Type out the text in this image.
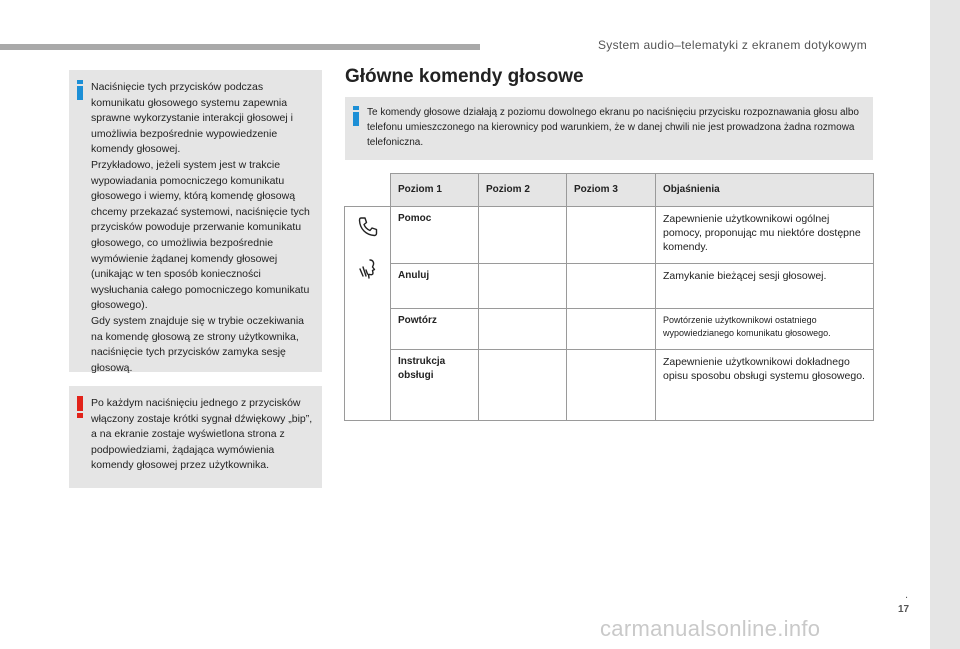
System audio–telematyki z ekranem dotykowym
Naciśnięcie tych przycisków podczas komunikatu głosowego systemu zapewnia sprawne wykorzystanie interakcji głosowej i umożliwia bezpośrednie wypowiedzenie komendy głosowej.
Przykładowo, jeżeli system jest w trakcie wypowiadania pomocniczego komunikatu głosowego i wiemy, którą komendę głosową chcemy przekazać systemowi, naciśnięcie tych przycisków powoduje przerwanie komunikatu głosowego, co umożliwia bezpośrednie wymówienie żądanej komendy głosowej (unikając w ten sposób konieczności wysłuchania całego pomocniczego komunikatu głosowego).
Gdy system znajduje się w trybie oczekiwania na komendę głosową ze strony użytkownika, naciśnięcie tych przycisków zamyka sesję głosową.
Po każdym naciśnięciu jednego z przycisków włączony zostaje krótki sygnał dźwiękowy „bip”, a na ekranie zostaje wyświetlona strona z podpowiedziami, żądająca wymówienia komendy głosowej przez użytkownika.
Główne komendy głosowe
Te komendy głosowe działają z poziomu dowolnego ekranu po naciśnięciu przycisku rozpoznawania głosu albo telefonu umieszczonego na kierownicy pod warunkiem, że w danej chwili nie jest prowadzona żadna rozmowa telefoniczna.
	Poziom 1	Poziom 2	Poziom 3	Objaśnienia

	Pomoc			Zapewnienie użytkownikowi ogólnej pomocy, proponując mu niektóre dostępne komendy.
	Anuluj			Zamykanie bieżącej sesji głosowej.
	Powtórz			Powtórzenie użytkownikowi ostatniego wypowiedzianego komunikatu głosowego.
	Instrukcja obsługi			Zapewnienie użytkownikowi dokładnego opisu sposobu obsługi systemu głosowego.
.
17
carmanualsonline.info
